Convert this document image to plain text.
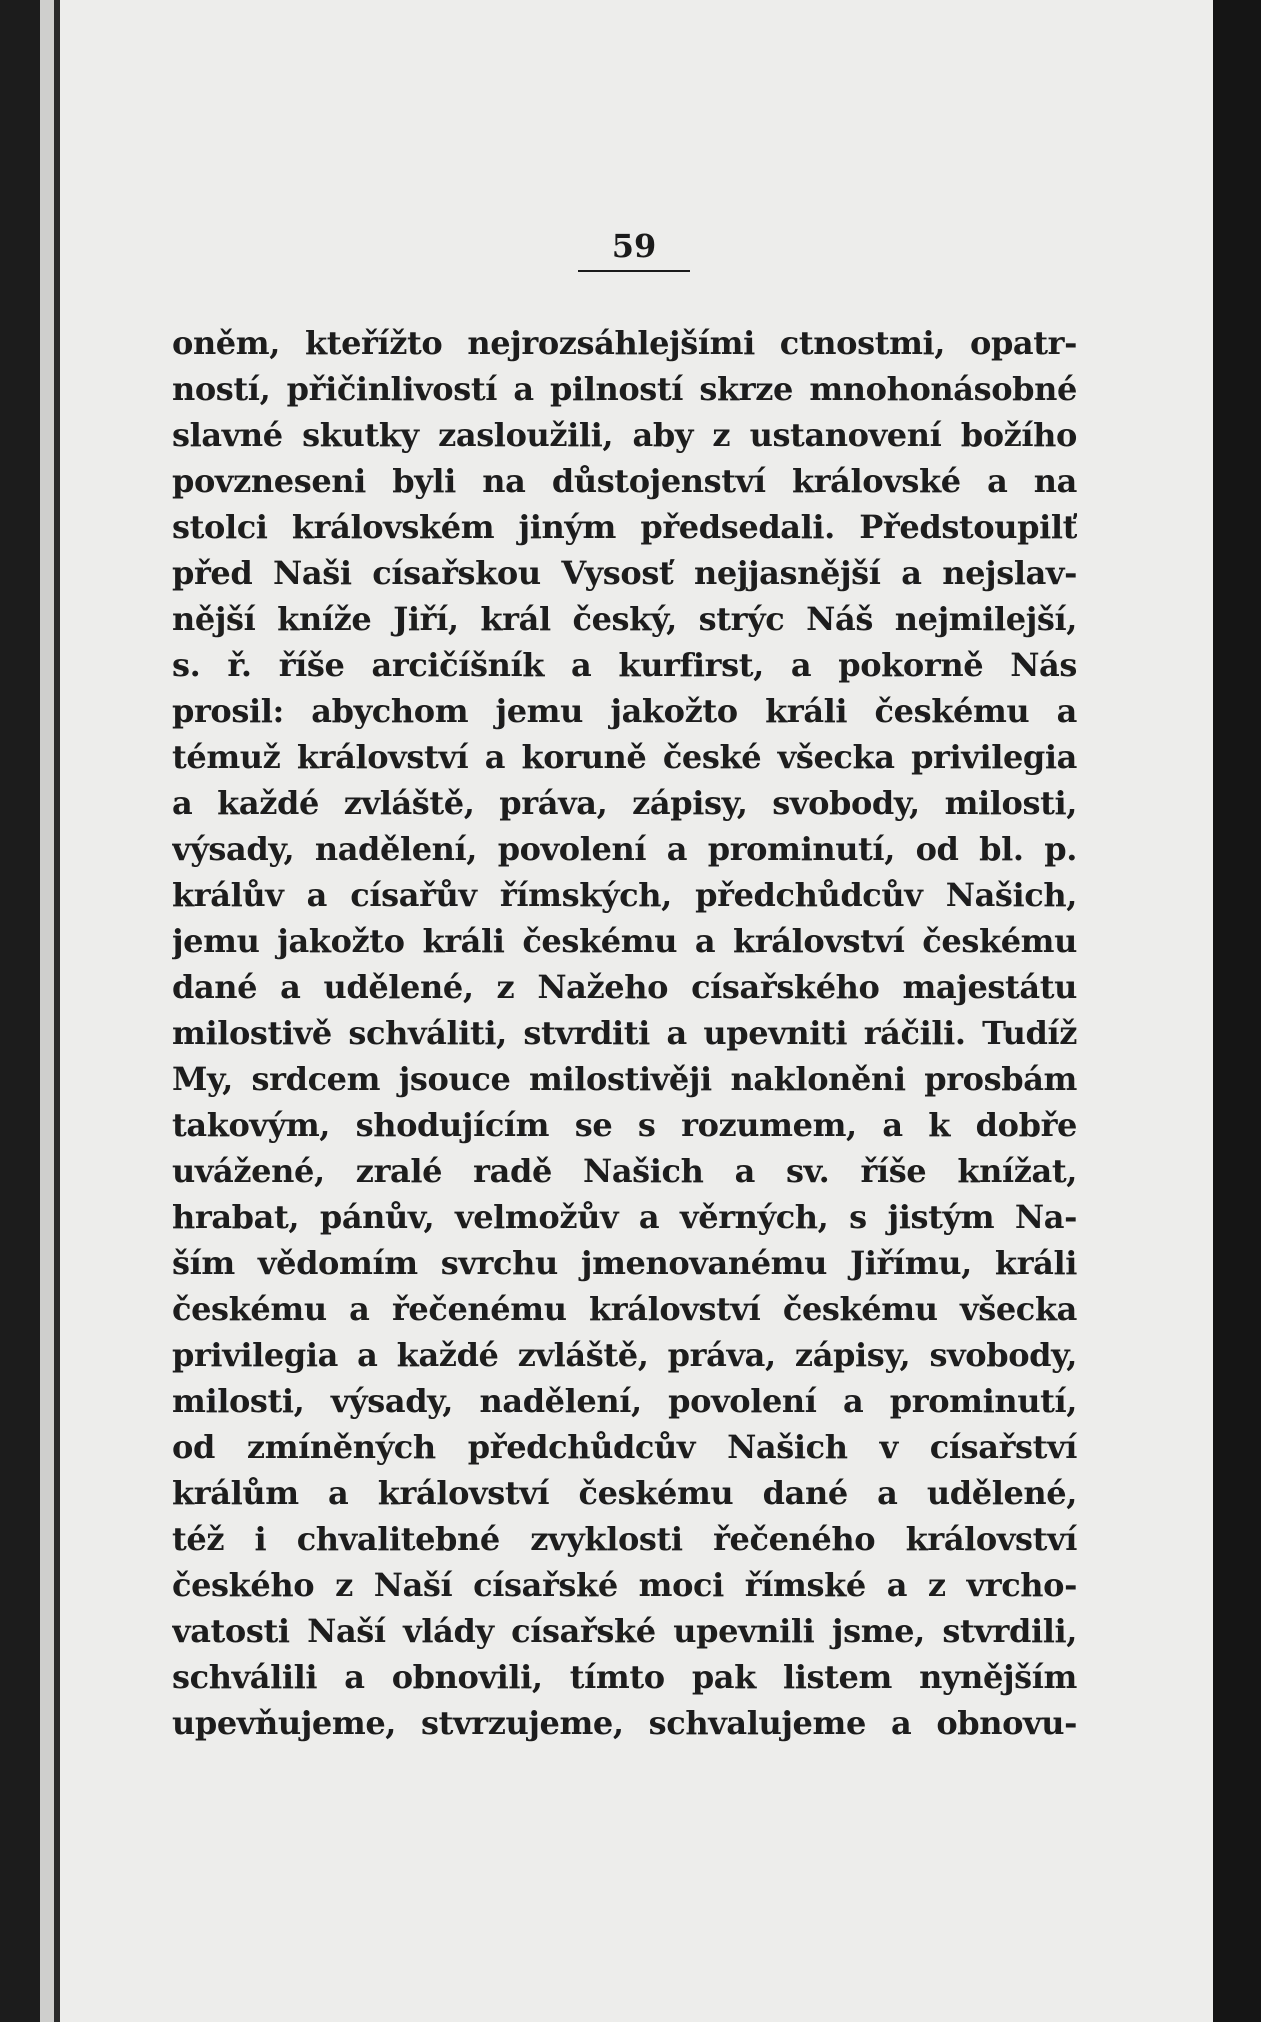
59
oněm, kteřížto nejrozsáhlejšími ctnostmi, opatr-
ností, přičinlivostí a pilností skrze mnohonásobné
slavné skutky zasloužili, aby z ustanovení božího
povzneseni byli na důstojenství královské a na
stolci královském jiným předsedali. Předstoupilť
před Naši císařskou Vysosť nejjasnější a nejslav-
nější kníže Jiří, král český, strýc Náš nejmilejší,
s. ř. říše arcičíšník a kurfirst, a pokorně Nás
prosil: abychom jemu jakožto králi českému a
témuž království a koruně české všecka privilegia
a každé zvláště, práva, zápisy, svobody, milosti,
výsady, nadělení, povolení a prominutí, od bl. p.
králův a císařův římských, předchůdcův Našich,
jemu jakožto králi českému a království českému
dané a udělené, z Nažeho císařského majestátu
milostivě schváliti, stvrditi a upevniti ráčili. Tudíž
My, srdcem jsouce milostivěji nakloněni prosbám
takovým, shodujícím se s rozumem, a k dobře
uvážené, zralé radě Našich a sv. říše knížat,
hrabat, pánův, velmožův a věrných, s jistým Na-
ším vědomím svrchu jmenovanému Jiřímu, králi
českému a řečenému království českému všecka
privilegia a každé zvláště, práva, zápisy, svobody,
milosti, výsady, nadělení, povolení a prominutí,
od zmíněných předchůdcův Našich v císařství
králům a království českému dané a udělené,
též i chvalitebné zvyklosti řečeného království
českého z Naší císařské moci římské a z vrcho-
vatosti Naší vlády císařské upevnili jsme, stvrdili,
schválili a obnovili, tímto pak listem nynějším
upevňujeme, stvrzujeme, schvalujeme a obnovu-
